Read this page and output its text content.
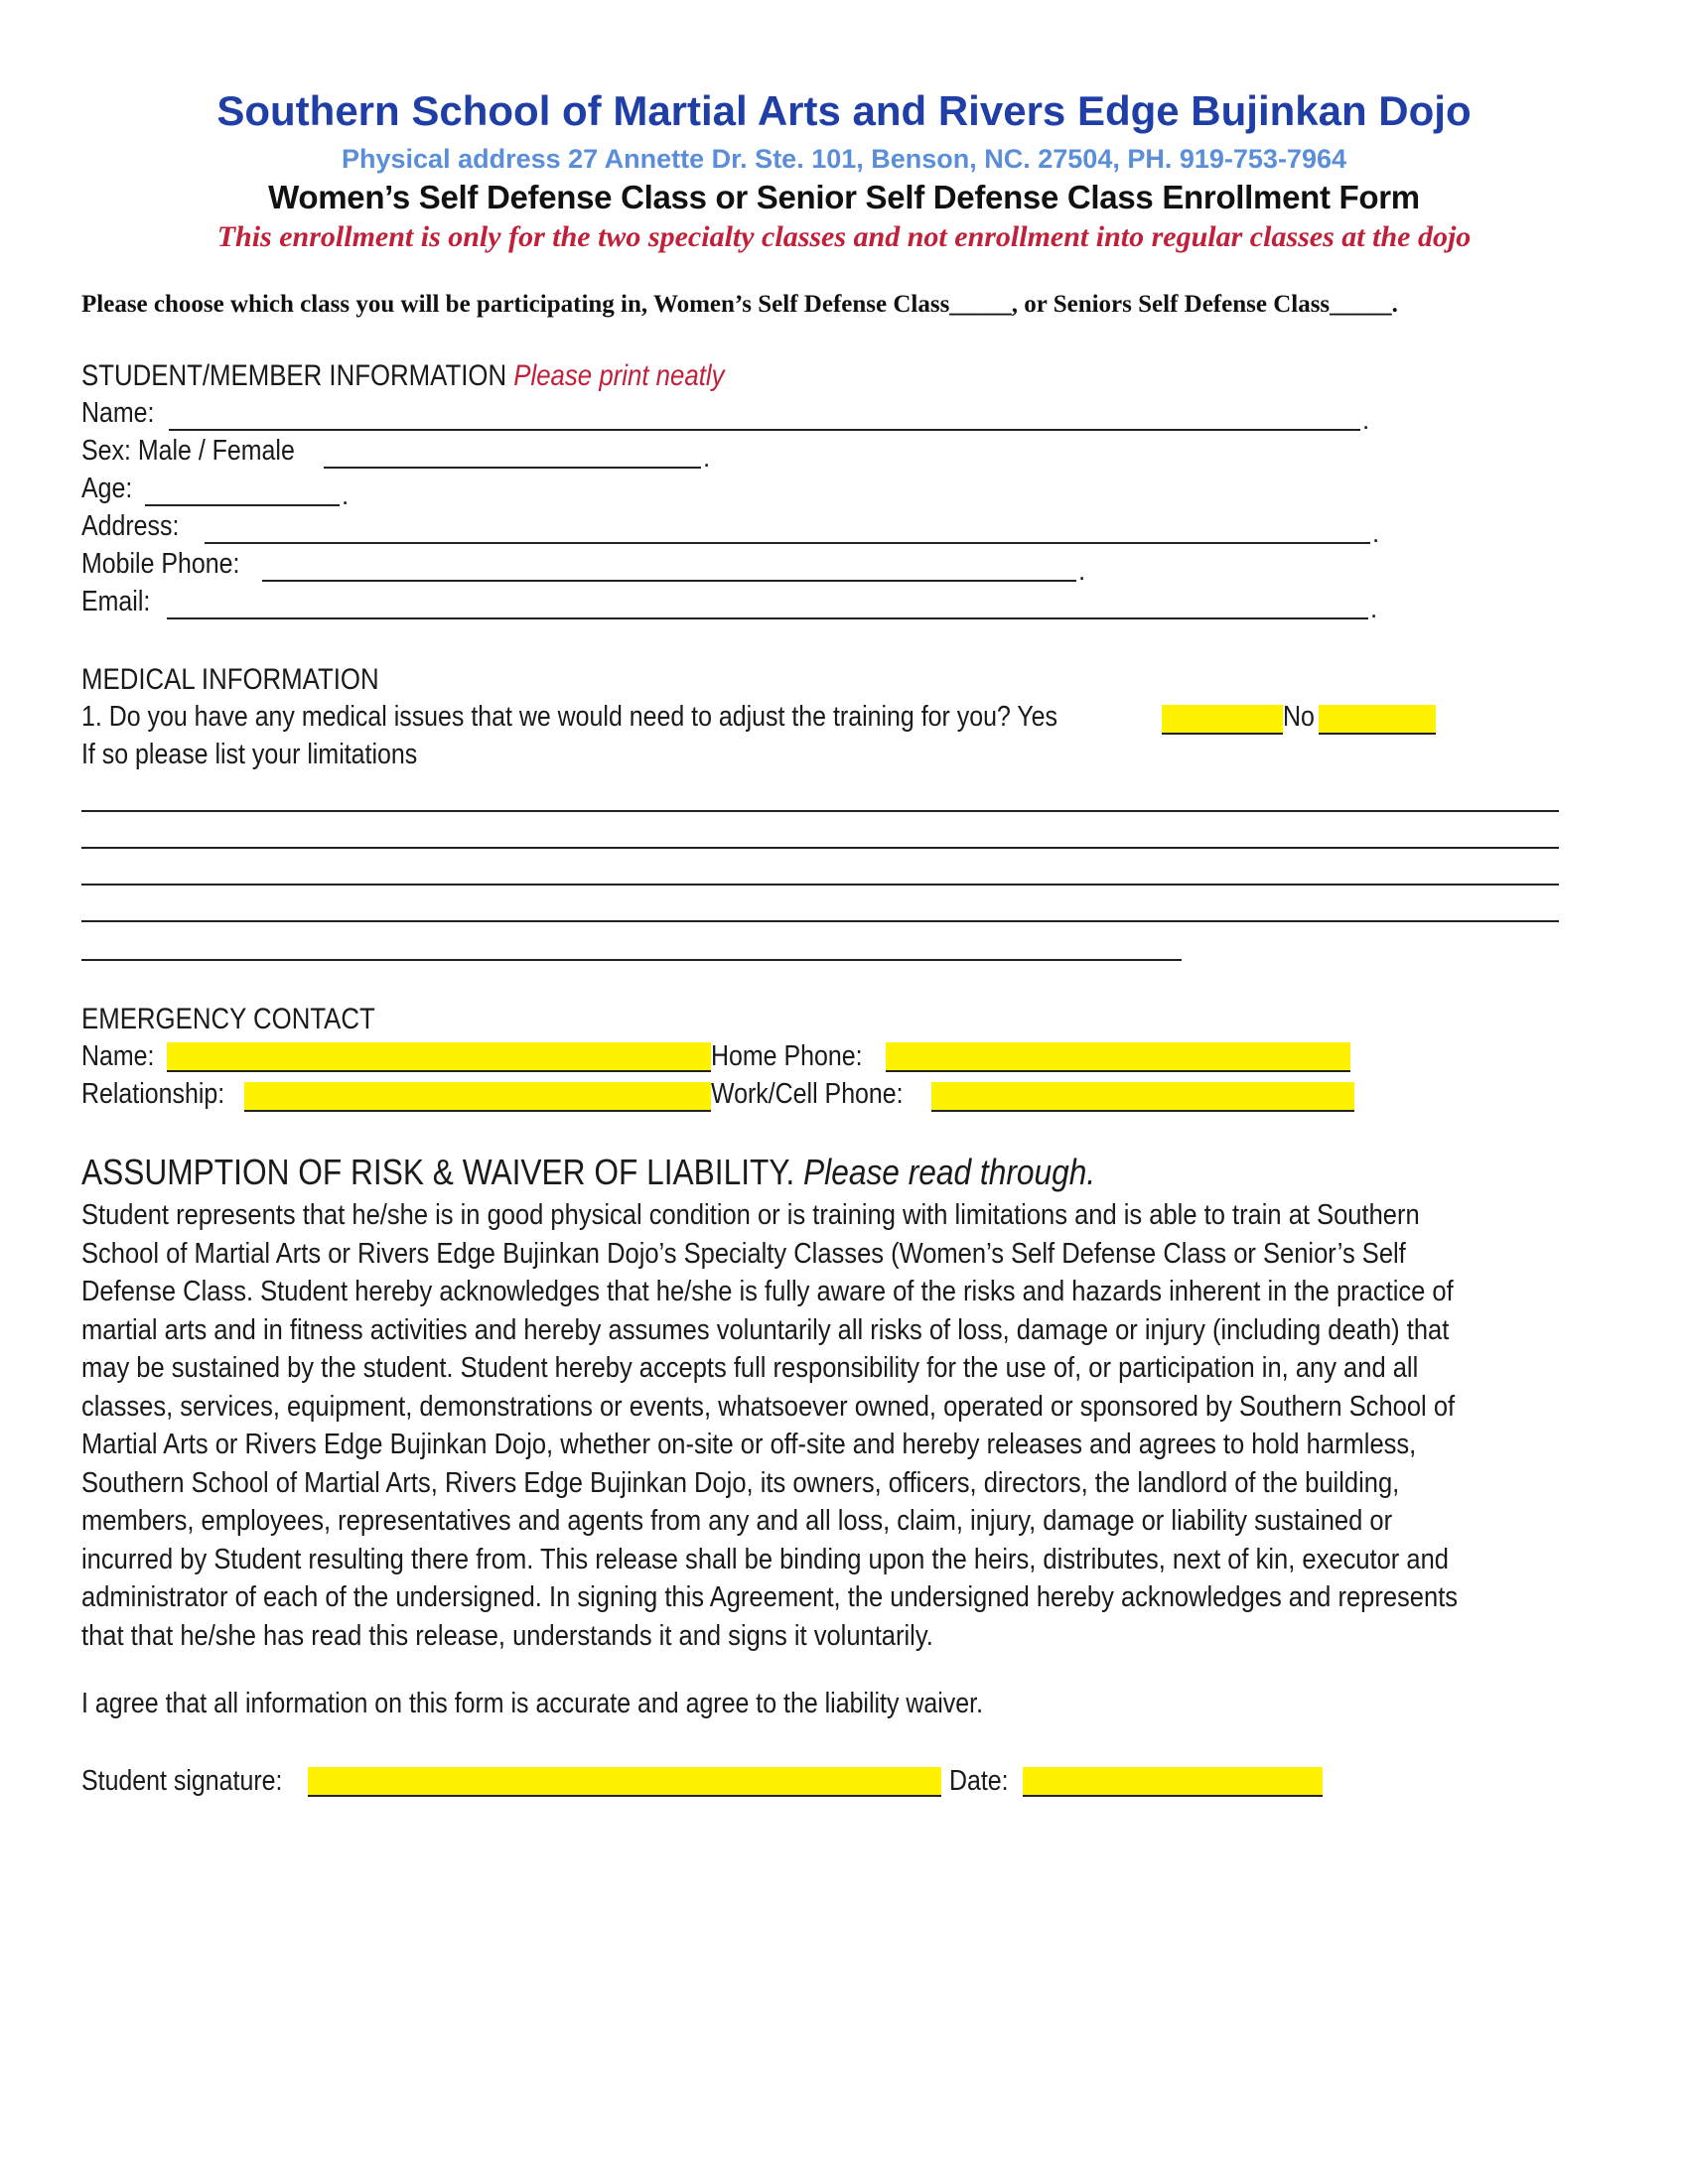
Southern School of Martial Arts and Rivers Edge Bujinkan Dojo
Physical address 27 Annette Dr. Ste. 101, Benson, NC. 27504, PH. 919-753-7964
Women’s Self Defense Class or Senior Self Defense Class Enrollment Form
This enrollment is only for the two specialty classes and not enrollment into regular classes at the dojo
Please choose which class you will be participating in, Women’s Self Defense Class_____, or Seniors Self Defense Class_____.
STUDENT/MEMBER INFORMATION Please print neatly
Name:	.
Sex: Male / Female	.
Age:	.
Address:	.
Mobile Phone:	.
Email:	.
MEDICAL INFORMATION
1. Do you have any medical issues that we would need to adjust the training for you? Yes	No
If so please list your limitations
EMERGENCY CONTACT
Name:	Home Phone:
Relationship:	Work/Cell Phone:
ASSUMPTION OF RISK & WAIVER OF LIABILITY. Please read through.
Student represents that he/she is in good physical condition or is training with limitations and is able to train at Southern
School of Martial Arts or Rivers Edge Bujinkan Dojo’s Specialty Classes (Women’s Self Defense Class or Senior’s Self
Defense Class. Student hereby acknowledges that he/she is fully aware of the risks and hazards inherent in the practice of
martial arts and in fitness activities and hereby assumes voluntarily all risks of loss, damage or injury (including death) that
may be sustained by the student. Student hereby accepts full responsibility for the use of, or participation in, any and all
classes, services, equipment, demonstrations or events, whatsoever owned, operated or sponsored by Southern School of
Martial Arts or Rivers Edge Bujinkan Dojo, whether on-site or off-site and hereby releases and agrees to hold harmless,
Southern School of Martial Arts, Rivers Edge Bujinkan Dojo, its owners, officers, directors, the landlord of the building,
members, employees, representatives and agents from any and all loss, claim, injury, damage or liability sustained or
incurred by Student resulting there from. This release shall be binding upon the heirs, distributes, next of kin, executor and
administrator of each of the undersigned. In signing this Agreement, the undersigned hereby acknowledges and represents
that that he/she has read this release, understands it and signs it voluntarily.
I agree that all information on this form is accurate and agree to the liability waiver.
Student signature:	Date:
